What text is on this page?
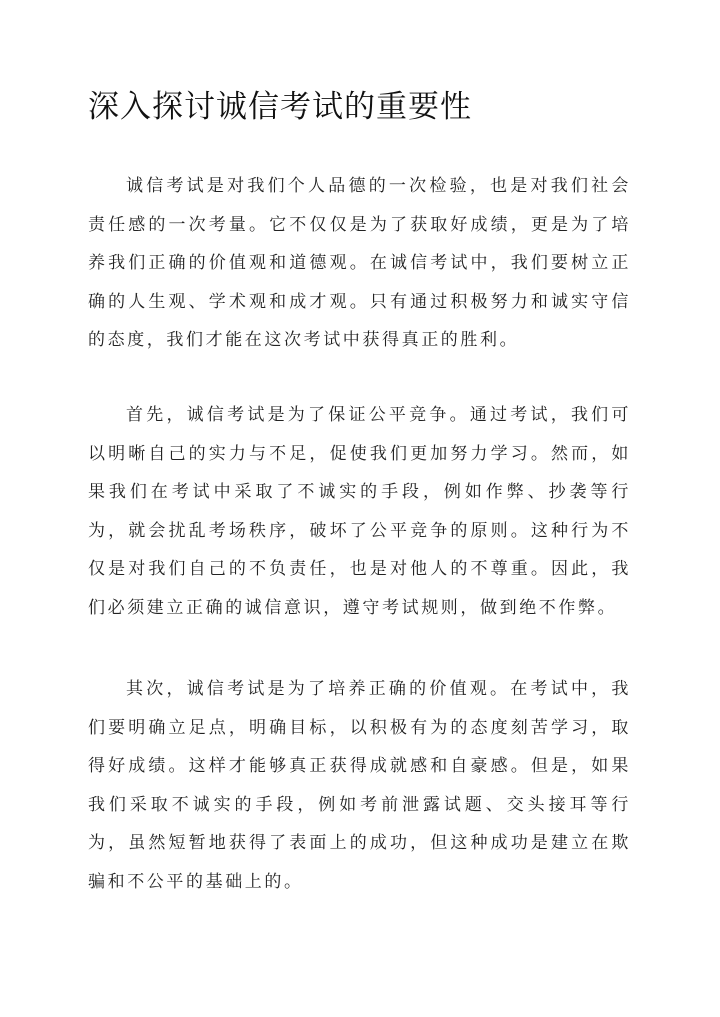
深入探讨诚信考试的重要性

诚信考试是对我们个人品德的一次检验，也是对我们社会责任感的一次考量。它不仅仅是为了获取好成绩，更是为了培养我们正确的价值观和道德观。在诚信考试中，我们要树立正确的人生观、学术观和成才观。只有通过积极努力和诚实守信的态度，我们才能在这次考试中获得真正的胜利。

首先，诚信考试是为了保证公平竞争。通过考试，我们可以明晰自己的实力与不足，促使我们更加努力学习。然而，如果我们在考试中采取了不诚实的手段，例如作弊、抄袭等行为，就会扰乱考场秩序，破坏了公平竞争的原则。这种行为不仅是对我们自己的不负责任，也是对他人的不尊重。因此，我们必须建立正确的诚信意识，遵守考试规则，做到绝不作弊。

其次，诚信考试是为了培养正确的价值观。在考试中，我们要明确立足点，明确目标，以积极有为的态度刻苦学习，取得好成绩。这样才能够真正获得成就感和自豪感。但是，如果我们采取不诚实的手段，例如考前泄露试题、交头接耳等行为，虽然短暂地获得了表面上的成功，但这种成功是建立在欺骗和不公平的基础上的。
